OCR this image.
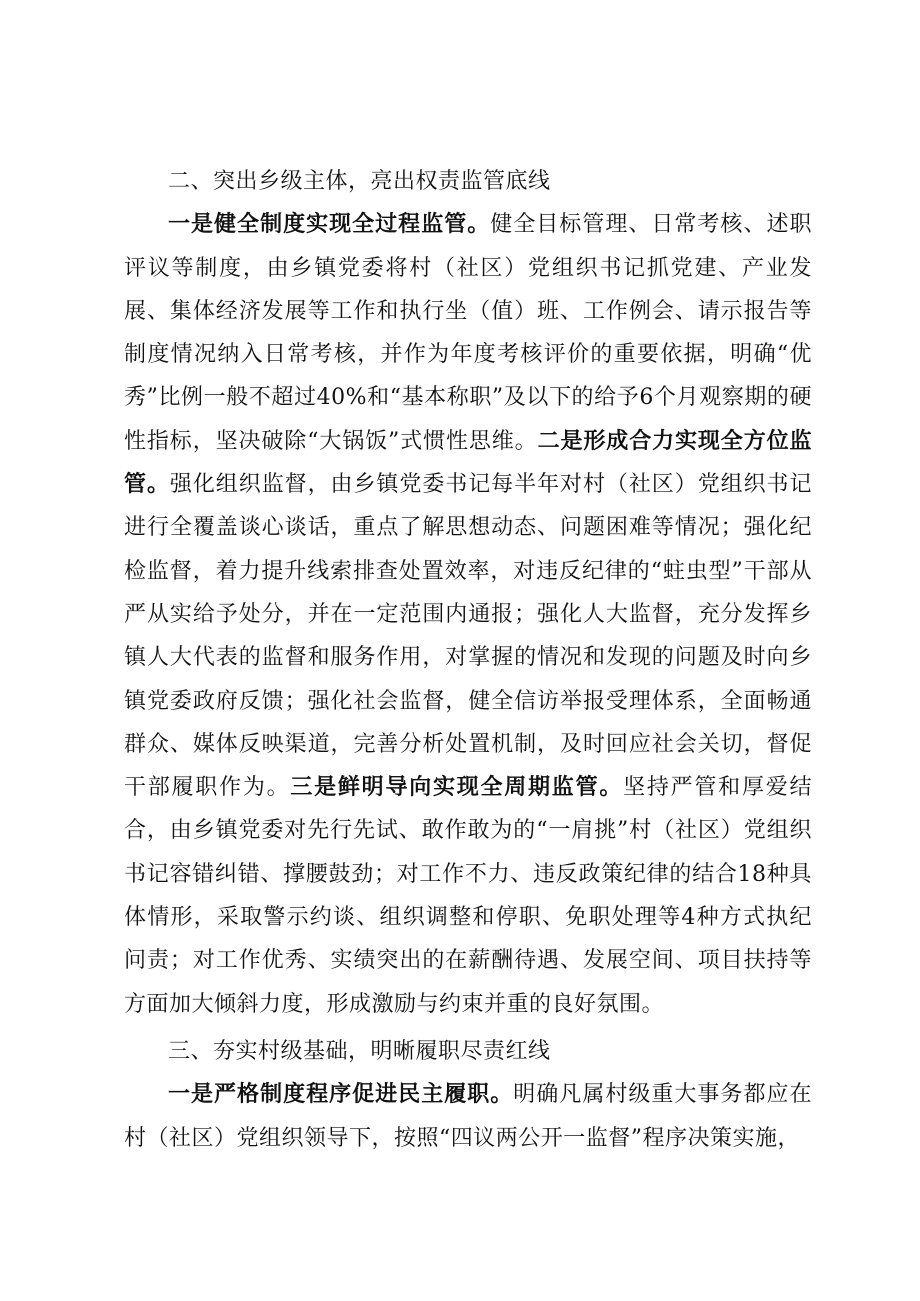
二、突出乡级主体，亮出权责监管底线

一是健全制度实现全过程监管。健全目标管理、日常考核、述职评议等制度，由乡镇党委将村（社区）党组织书记抓党建、产业发展、集体经济发展等工作和执行坐（值）班、工作例会、请示报告等制度情况纳入日常考核，并作为年度考核评价的重要依据，明确“优秀”比例一般不超过40%和“基本称职”及以下的给予6个月观察期的硬性指标，坚决破除“大锅饭”式惯性思维。二是形成合力实现全方位监管。强化组织监督，由乡镇党委书记每半年对村（社区）党组织书记进行全覆盖谈心谈话，重点了解思想动态、问题困难等情况；强化纪检监督，着力提升线索排查处置效率，对违反纪律的“蛀虫型”干部从严从实给予处分，并在一定范围内通报；强化人大监督，充分发挥乡镇人大代表的监督和服务作用，对掌握的情况和发现的问题及时向乡镇党委政府反馈；强化社会监督，健全信访举报受理体系，全面畅通群众、媒体反映渠道，完善分析处置机制，及时回应社会关切，督促干部履职作为。三是鲜明导向实现全周期监管。坚持严管和厚爱结合，由乡镇党委对先行先试、敢作敢为的“一肩挑”村（社区）党组织书记容错纠错、撑腰鼓劲；对工作不力、违反政策纪律的结合18种具体情形，采取警示约谈、组织调整和停职、免职处理等4种方式执纪问责；对工作优秀、实绩突出的在薪酬待遇、发展空间、项目扶持等方面加大倾斜力度，形成激励与约束并重的良好氛围。

三、夯实村级基础，明晰履职尽责红线

一是严格制度程序促进民主履职。明确凡属村级重大事务都应在村（社区）党组织领导下，按照“四议两公开一监督”程序决策实施，
